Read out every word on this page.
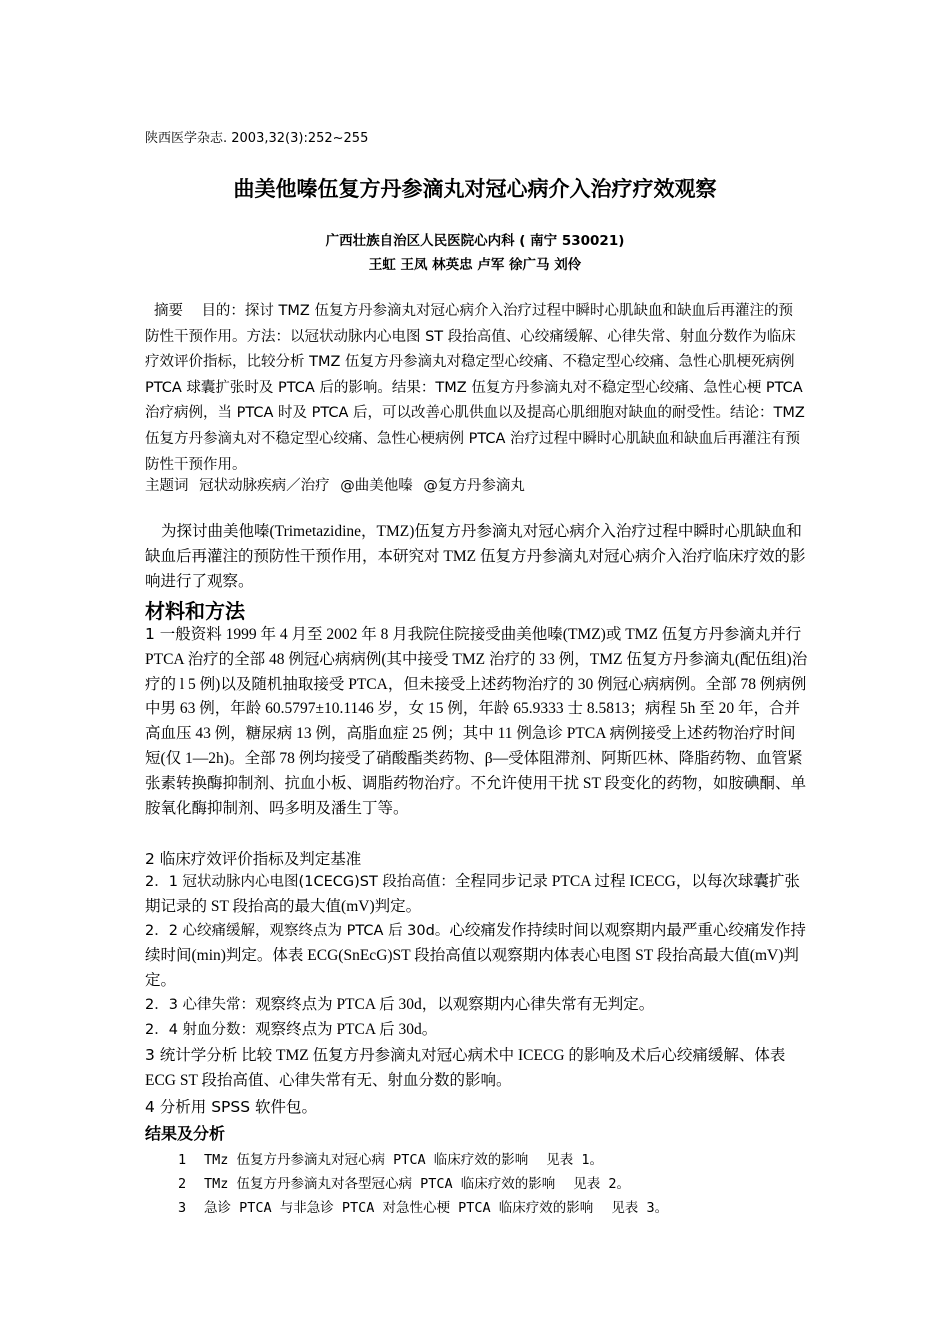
陕西医学杂志. 2003,32(3):252~255
曲美他嗪伍复方丹参滴丸对冠心病介入治疗疗效观察
广西壮族自治区人民医院心内科 ( 南宁 530021)
王虹 王凤 林英忠 卢军 徐广马 刘伶
摘要 目的：探讨 TMZ 伍复方丹参滴丸对冠心病介入治疗过程中瞬时心肌缺血和缺血后再灌注的预防性干预作用。方法：以冠状动脉内心电图 ST 段抬高值、心绞痛缓解、心律失常、射血分数作为临床疗效评价指标，比较分析 TMZ 伍复方丹参滴丸对稳定型心绞痛、不稳定型心绞痛、急性心肌梗死病例 PTCA 球囊扩张时及 PTCA 后的影响。结果：TMZ 伍复方丹参滴丸对不稳定型心绞痛、急性心梗 PTCA 治疗病例，当 PTCA 时及 PTCA 后，可以改善心肌供血以及提高心肌细胞对缺血的耐受性。结论：TMZ 伍复方丹参滴丸对不稳定型心绞痛、急性心梗病例 PTCA 治疗过程中瞬时心肌缺血和缺血后再灌注有预防性干预作用。
主题词 冠状动脉疾病／治疗 @曲美他嗪 @复方丹参滴丸
为探讨曲美他嗪(Trimetazidine，TMZ)伍复方丹参滴丸对冠心病介入治疗过程中瞬时心肌缺血和缺血后再灌注的预防性干预作用，本研究对 TMZ 伍复方丹参滴丸对冠心病介入治疗临床疗效的影响进行了观察。
材料和方法
1 一般资料 1999 年 4 月至 2002 年 8 月我院住院接受曲美他嗪(TMZ)或 TMZ 伍复方丹参滴丸并行 PTCA 治疗的全部 48 例冠心病病例(其中接受 TMZ 治疗的 33 例，TMZ 伍复方丹参滴丸(配伍组)治疗的 l 5 例)以及随机抽取接受 PTCA，但未接受上述药物治疗的 30 例冠心病病例。全部 78 例病例中男 63 例，年龄 60.5797±10.1146 岁，女 15 例，年龄 65.9333 士 8.5813；病程 5h 至 20 年，合并高血压 43 例，糖尿病 13 例，高脂血症 25 例；其中 11 例急诊 PTCA 病例接受上述药物治疗时间短(仅 1—2h)。全部 78 例均接受了硝酸酯类药物、β—受体阻滞剂、阿斯匹林、降脂药物、血管紧张素转换酶抑制剂、抗血小板、调脂药物治疗。不允许使用干扰 ST 段变化的药物，如胺碘酮、单胺氧化酶抑制剂、吗多明及潘生丁等。
2 临床疗效评价指标及判定基准
2．1 冠状动脉内心电图(1CECG)ST 段抬高值：全程同步记录 PTCA 过程 ICECG，以每次球囊扩张期记录的 ST 段抬高的最大值(mV)判定。
2．2 心绞痛缓解，观察终点为 PTCA 后 30d。心绞痛发作持续时间以观察期内最严重心绞痛发作持续时间(min)判定。体表 ECG(SnEcG)ST 段抬高值以观察期内体表心电图 ST 段抬高最大值(mV)判定。
2．3 心律失常：观察终点为 PTCA 后 30d，以观察期内心律失常有无判定。
2．4 射血分数：观察终点为 PTCA 后 30d。
3 统计学分析 比较 TMZ 伍复方丹参滴丸对冠心病术中 ICECG 的影响及术后心绞痛缓解、体表 ECG ST 段抬高值、心律失常有无、射血分数的影响。
4 分析用 SPSS 软件包。
结果及分析
1 TMz 伍复方丹参滴丸对冠心病 PTCA 临床疗效的影响 见表 1。
2 TMz 伍复方丹参滴丸对各型冠心病 PTCA 临床疗效的影响 见表 2。
3 急诊 PTCA 与非急诊 PTCA 对急性心梗 PTCA 临床疗效的影响 见表 3。
